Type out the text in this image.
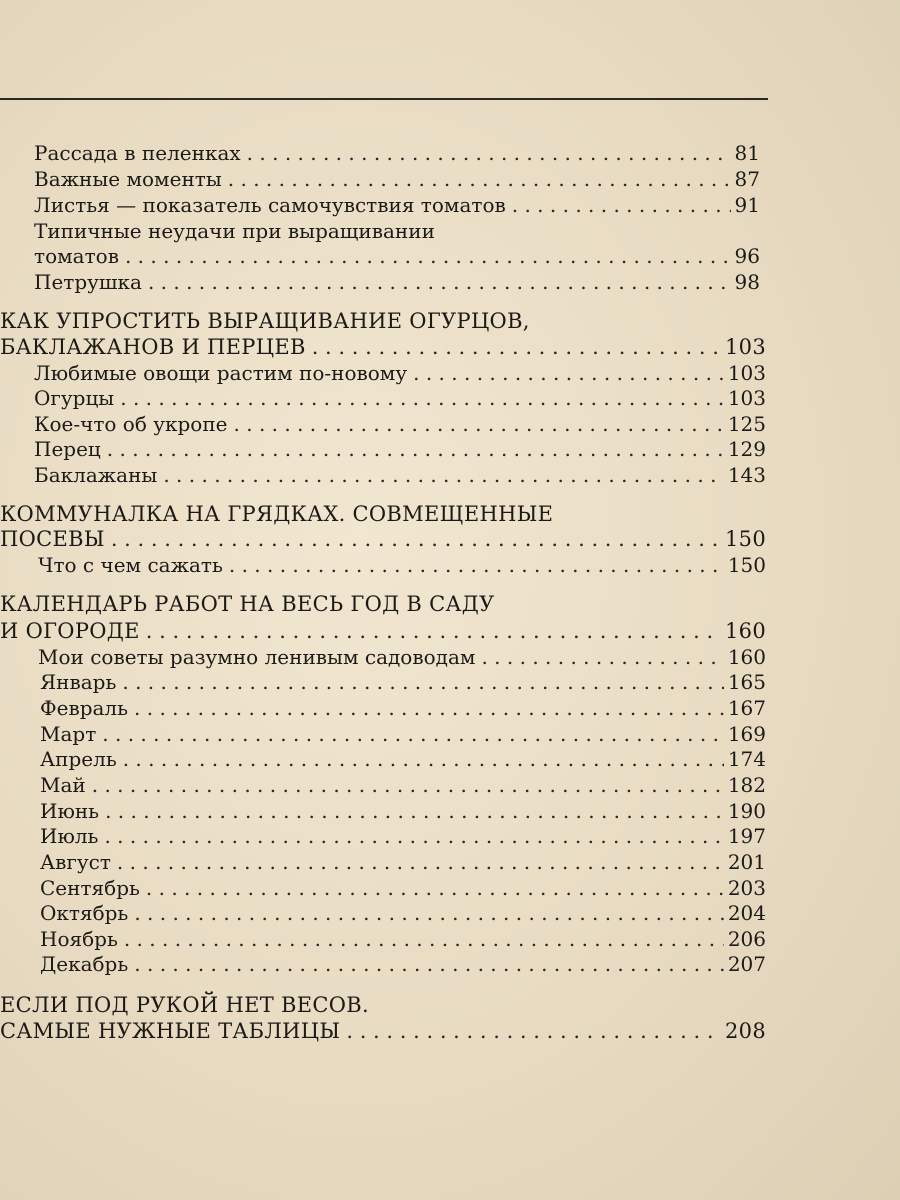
Рассада в пеленках . . .	81
Важные моменты . . .	87
Листья — показатель самочувствия томатов . . .	91
Типичные неудачи при выращивании
томатов . . .	96
Петрушка . . .	98
КАК УПРОСТИТЬ ВЫРАЩИВАНИЕ ОГУРЦОВ,
БАКЛАЖАНОВ И ПЕРЦЕВ . . .	103
Любимые овощи растим по-новому . . .	103
Огурцы . . .	103
Кое-что об укропе . . .	125
Перец . . .	129
Баклажаны . . .	143
КОММУНАЛКА НА ГРЯДКАХ. СОВМЕЩЕННЫЕ
ПОСЕВЫ . . .	150
Что с чем сажать . . .	150
КАЛЕНДАРЬ РАБОТ НА ВЕСЬ ГОД В САДУ
И ОГОРОДЕ . . .	160
Мои советы разумно ленивым садоводам . . .	160
Январь . . .	165
Февраль . . .	167
Март . . .	169
Апрель . . .	174
Май . . .	182
Июнь . . .	190
Июль . . .	197
Август . . .	201
Сентябрь . . .	203
Октябрь . . .	204
Ноябрь . . .	206
Декабрь . . .	207
ЕСЛИ ПОД РУКОЙ НЕТ ВЕСОВ.
САМЫЕ НУЖНЫЕ ТАБЛИЦЫ . . .	208
